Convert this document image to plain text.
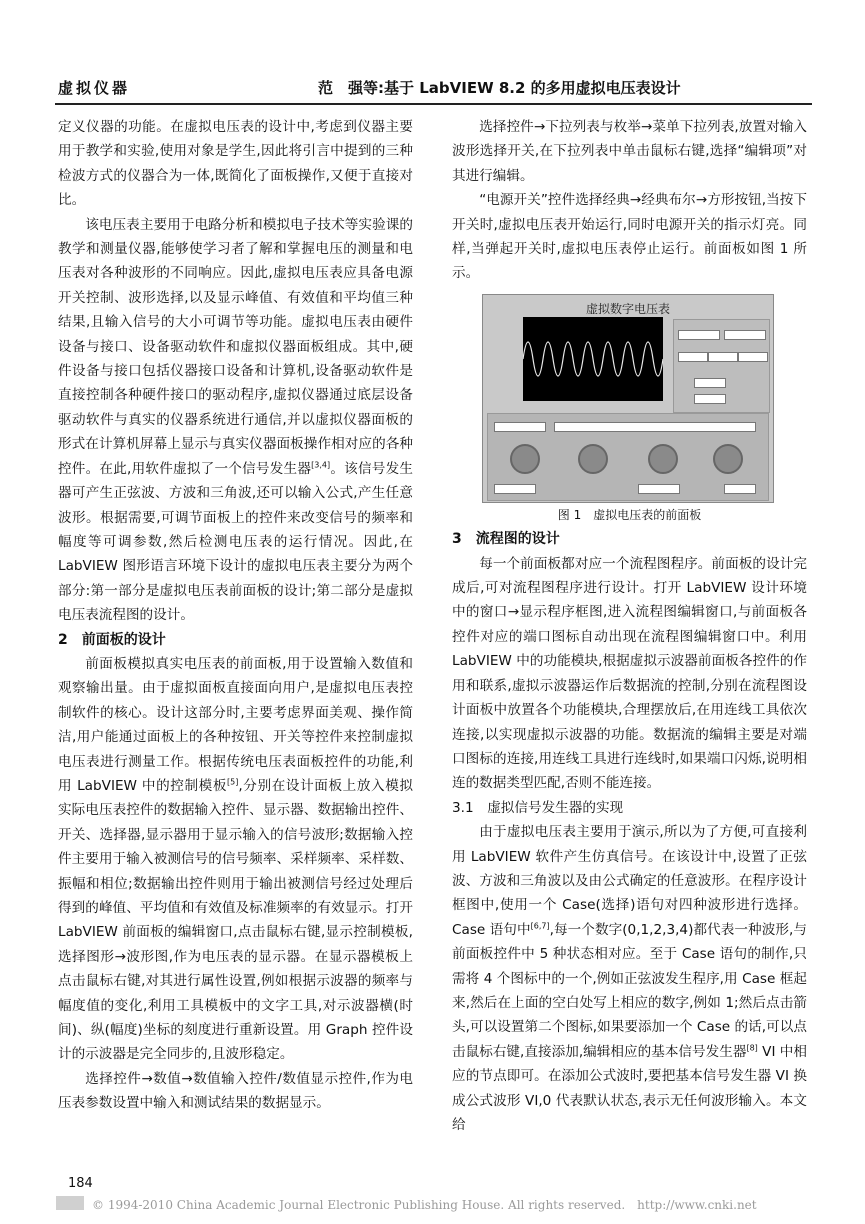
虚拟仪器	范　强等:基于 LabVIEW 8.2 的多用虚拟电压表设计

定义仪器的功能。在虚拟电压表的设计中,考虑到仪器主要用于教学和实验,使用对象是学生,因此将引言中提到的三种检波方式的仪器合为一体,既简化了面板操作,又便于直接对比。

该电压表主要用于电路分析和模拟电子技术等实验课的教学和测量仪器,能够使学习者了解和掌握电压的测量和电压表对各种波形的不同响应。因此,虚拟电压表应具备电源开关控制、波形选择,以及显示峰值、有效值和平均值三种结果,且输入信号的大小可调节等功能。虚拟电压表由硬件设备与接口、设备驱动软件和虚拟仪器面板组成。其中,硬件设备与接口包括仪器接口设备和计算机,设备驱动软件是直接控制各种硬件接口的驱动程序,虚拟仪器通过底层设备驱动软件与真实的仪器系统进行通信,并以虚拟仪器面板的形式在计算机屏幕上显示与真实仪器面板操作相对应的各种控件。在此,用软件虚拟了一个信号发生器[3,4]。该信号发生器可产生正弦波、方波和三角波,还可以输入公式,产生任意波形。根据需要,可调节面板上的控件来改变信号的频率和幅度等可调参数,然后检测电压表的运行情况。因此,在 LabVIEW 图形语言环境下设计的虚拟电压表主要分为两个部分:第一部分是虚拟电压表前面板的设计;第二部分是虚拟电压表流程图的设计。

2　前面板的设计

前面板模拟真实电压表的前面板,用于设置输入数值和观察输出量。由于虚拟面板直接面向用户,是虚拟电压表控制软件的核心。设计这部分时,主要考虑界面美观、操作简洁,用户能通过面板上的各种按钮、开关等控件来控制虚拟电压表进行测量工作。根据传统电压表面板控件的功能,利用 LabVIEW 中的控制模板[5],分别在设计面板上放入模拟实际电压表控件的数据输入控件、显示器、数据输出控件、开关、选择器,显示器用于显示输入的信号波形;数据输入控件主要用于输入被测信号的信号频率、采样频率、采样数、振幅和相位;数据输出控件则用于输出被测信号经过处理后得到的峰值、平均值和有效值及标准频率的有效显示。打开 LabVIEW 前面板的编辑窗口,点击鼠标右键,显示控制模板,选择图形→波形图,作为电压表的显示器。在显示器模板上点击鼠标右键,对其进行属性设置,例如根据示波器的频率与幅度值的变化,利用工具模板中的文字工具,对示波器横(时间)、纵(幅度)坐标的刻度进行重新设置。用 Graph 控件设计的示波器是完全同步的,且波形稳定。

选择控件→数值→数值输入控件/数值显示控件,作为电压表参数设置中输入和测试结果的数据显示。

选择控件→下拉列表与枚举→菜单下拉列表,放置对输入波形选择开关,在下拉列表中单击鼠标右键,选择“编辑项”对其进行编辑。

“电源开关”控件选择经典→经典布尔→方形按钮,当按下开关时,虚拟电压表开始运行,同时电源开关的指示灯亮。同样,当弹起开关时,虚拟电压表停止运行。前面板如图 1 所示。

虚拟数字电压表

图 1　虚拟电压表的前面板

3　流程图的设计

每一个前面板都对应一个流程图程序。前面板的设计完成后,可对流程图程序进行设计。打开 LabVIEW 设计环境中的窗口→显示程序框图,进入流程图编辑窗口,与前面板各控件对应的端口图标自动出现在流程图编辑窗口中。利用 LabVIEW 中的功能模块,根据虚拟示波器前面板各控件的作用和联系,虚拟示波器运作后数据流的控制,分别在流程图设计面板中放置各个功能模块,合理摆放后,在用连线工具依次连接,以实现虚拟示波器的功能。数据流的编辑主要是对端口图标的连接,用连线工具进行连线时,如果端口闪烁,说明相连的数据类型匹配,否则不能连接。

3.1　虚拟信号发生器的实现

由于虚拟电压表主要用于演示,所以为了方便,可直接利用 LabVIEW 软件产生仿真信号。在该设计中,设置了正弦波、方波和三角波以及由公式确定的任意波形。在程序设计框图中,使用一个 Case(选择)语句对四种波形进行选择。Case 语句中[6,7],每一个数字(0,1,2,3,4)都代表一种波形,与前面板控件中 5 种状态相对应。至于 Case 语句的制作,只需将 4 个图标中的一个,例如正弦波发生程序,用 Case 框起来,然后在上面的空白处写上相应的数字,例如 1;然后点击箭头,可以设置第二个图标,如果要添加一个 Case 的话,可以点击鼠标右键,直接添加,编辑相应的基本信号发生器[8] VI 中相应的节点即可。在添加公式波时,要把基本信号发生器 VI 换成公式波形 VI,0 代表默认状态,表示无任何波形输入。本文给

184
© 1994-2010 China Academic Journal Electronic Publishing House. All rights reserved.　http://www.cnki.net
